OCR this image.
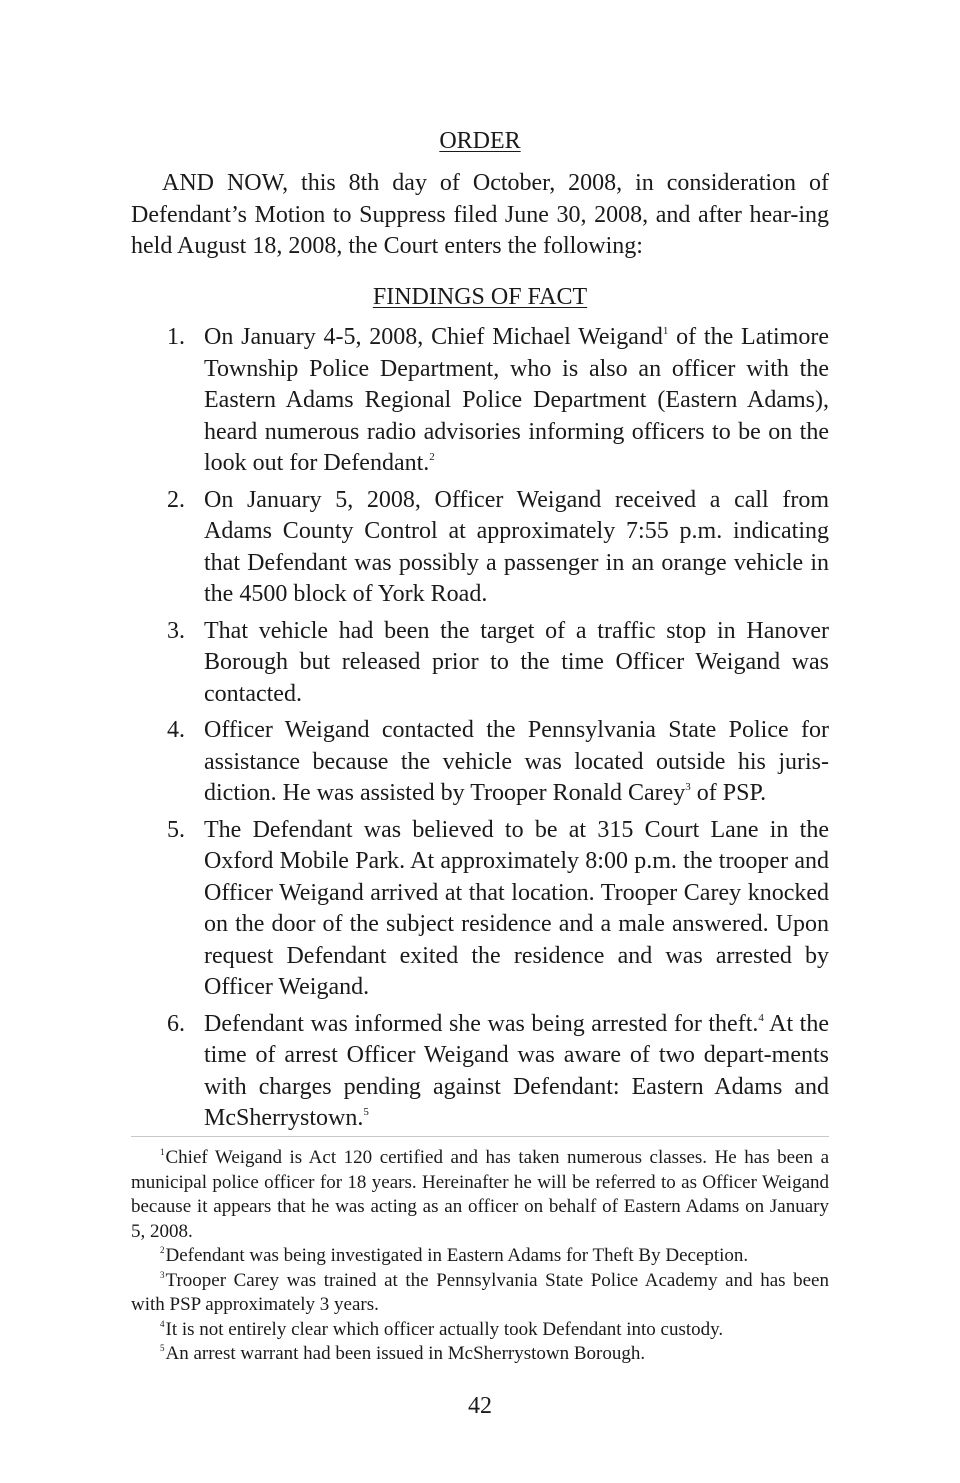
ORDER

AND NOW, this 8th day of October, 2008, in consideration of Defendant’s Motion to Suppress filed June 30, 2008, and after hear-ing held August 18, 2008, the Court enters the following:

FINDINGS OF FACT
1. On January 4-5, 2008, Chief Michael Weigand$^1$ of the Latimore Township Police Department, who is also an officer with the Eastern Adams Regional Police Department (Eastern Adams), heard numerous radio advisories informing officers to be on the look out for Defendant.$^2$
2. On January 5, 2008, Officer Weigand received a call from Adams County Control at approximately 7:55 p.m. indicating that Defendant was possibly a passenger in an orange vehicle in the 4500 block of York Road.
3. That vehicle had been the target of a traffic stop in Hanover Borough but released prior to the time Officer Weigand was contacted.
4. Officer Weigand contacted the Pennsylvania State Police for assistance because the vehicle was located outside his juris-diction. He was assisted by Trooper Ronald Carey$^3$ of PSP.
5. The Defendant was believed to be at 315 Court Lane in the Oxford Mobile Park. At approximately 8:00 p.m. the trooper and Officer Weigand arrived at that location. Trooper Carey knocked on the door of the subject residence and a male answered. Upon request Defendant exited the residence and was arrested by Officer Weigand.
6. Defendant was informed she was being arrested for theft.$^4$ At the time of arrest Officer Weigand was aware of two depart-ments with charges pending against Defendant: Eastern Adams and McSherrystown.$^5$
$^1$Chief Weigand is Act 120 certified and has taken numerous classes. He has been a municipal police officer for 18 years. Hereinafter he will be referred to as Officer Weigand because it appears that he was acting as an officer on behalf of Eastern Adams on January 5, 2008.
$^2$Defendant was being investigated in Eastern Adams for Theft By Deception.
$^3$Trooper Carey was trained at the Pennsylvania State Police Academy and has been with PSP approximately 3 years.
$^4$It is not entirely clear which officer actually took Defendant into custody.
$^5$An arrest warrant had been issued in McSherrystown Borough.
42
